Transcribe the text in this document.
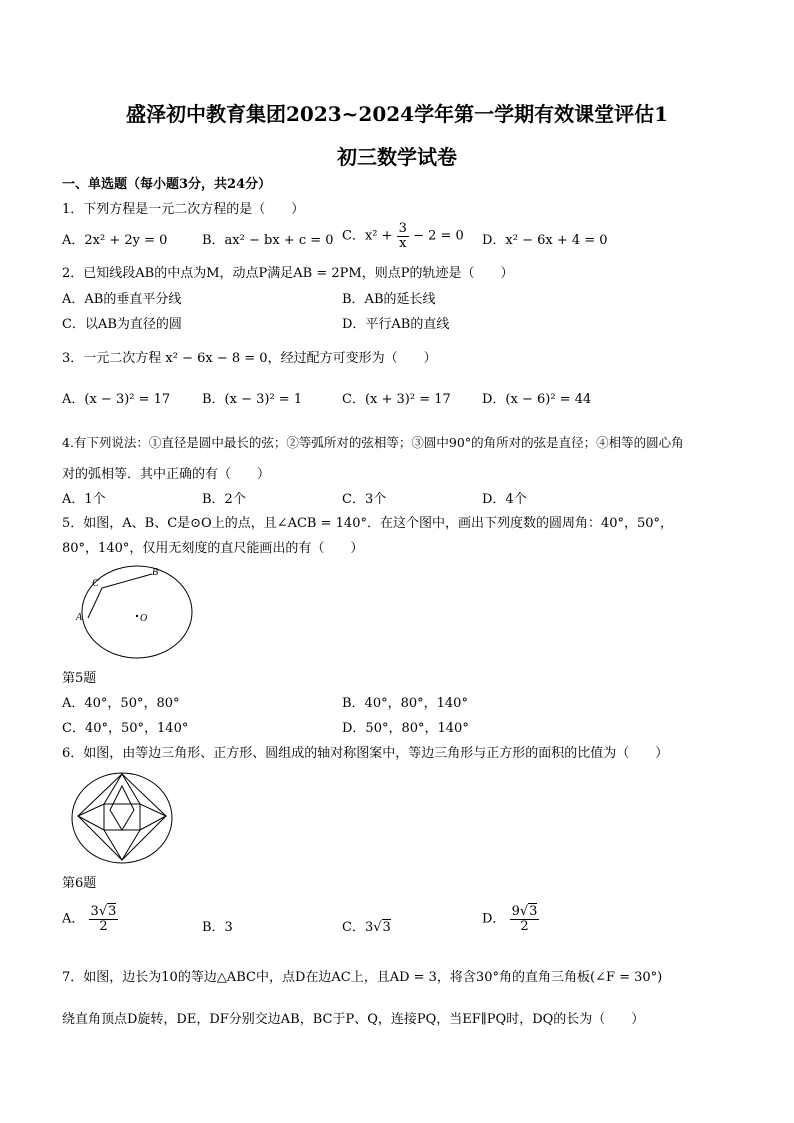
盛泽初中教育集团2023~2024学年第一学期有效课堂评估1
初三数学试卷
一、单选题（每小题3分，共24分）
1．下列方程是一元二次方程的是（　　）
A．2x² + 2y = 0	B．ax² − bx + c = 0 C．$x^2 + \frac{3}{x} - 2 = 0$ D．x² − 6x + 4 = 0
2．已知线段AB的中点为M，动点P满足AB = 2PM，则点P的轨迹是（　　）
A．AB的垂直平分线	B．AB的延长线
C．以AB为直径的圆	D．平行AB的直线
3．一元二次方程 x² − 6x − 8 = 0，经过配方可变形为（　　）
A．(x − 3)² = 17 B．(x − 3)² = 1	C．(x + 3)² = 17 D．(x − 6)² = 44
4.有下列说法：①直径是圆中最长的弦；②等弧所对的弦相等；③圆中90°的角所对的弦是直径；④相等的圆心角
对的弧相等．其中正确的有（　　）
A．1个	B．2个	C．3个	D．4个
5．如图，A、B、C是⊙O上的点，且∠ACB = 140°．在这个图中，画出下列度数的圆周角：40°，50°，
80°，140°，仅用无刻度的直尺能画出的有（　　）
A
C
B
O
第5题
A．40°，50°，80°	B．40°，80°，140°
C．40°，50°，140°	D．50°，80°，140°
6．如图，由等边三角形、正方形、圆组成的轴对称图案中，等边三角形与正方形的面积的比值为（　　）
第6题
A． $\frac{3√3}{2}$	B．3	C．3√3
D． $\frac{9√3}{2}$
7．如图，边长为10的等边△ABC中，点D在边AC上，且AD = 3，将含30°角的直角三角板(∠F = 30°)
绕直角顶点D旋转，DE，DF分别交边AB，BC于P、Q，连接PQ，当EF∥PQ时，DQ的长为（　　）
